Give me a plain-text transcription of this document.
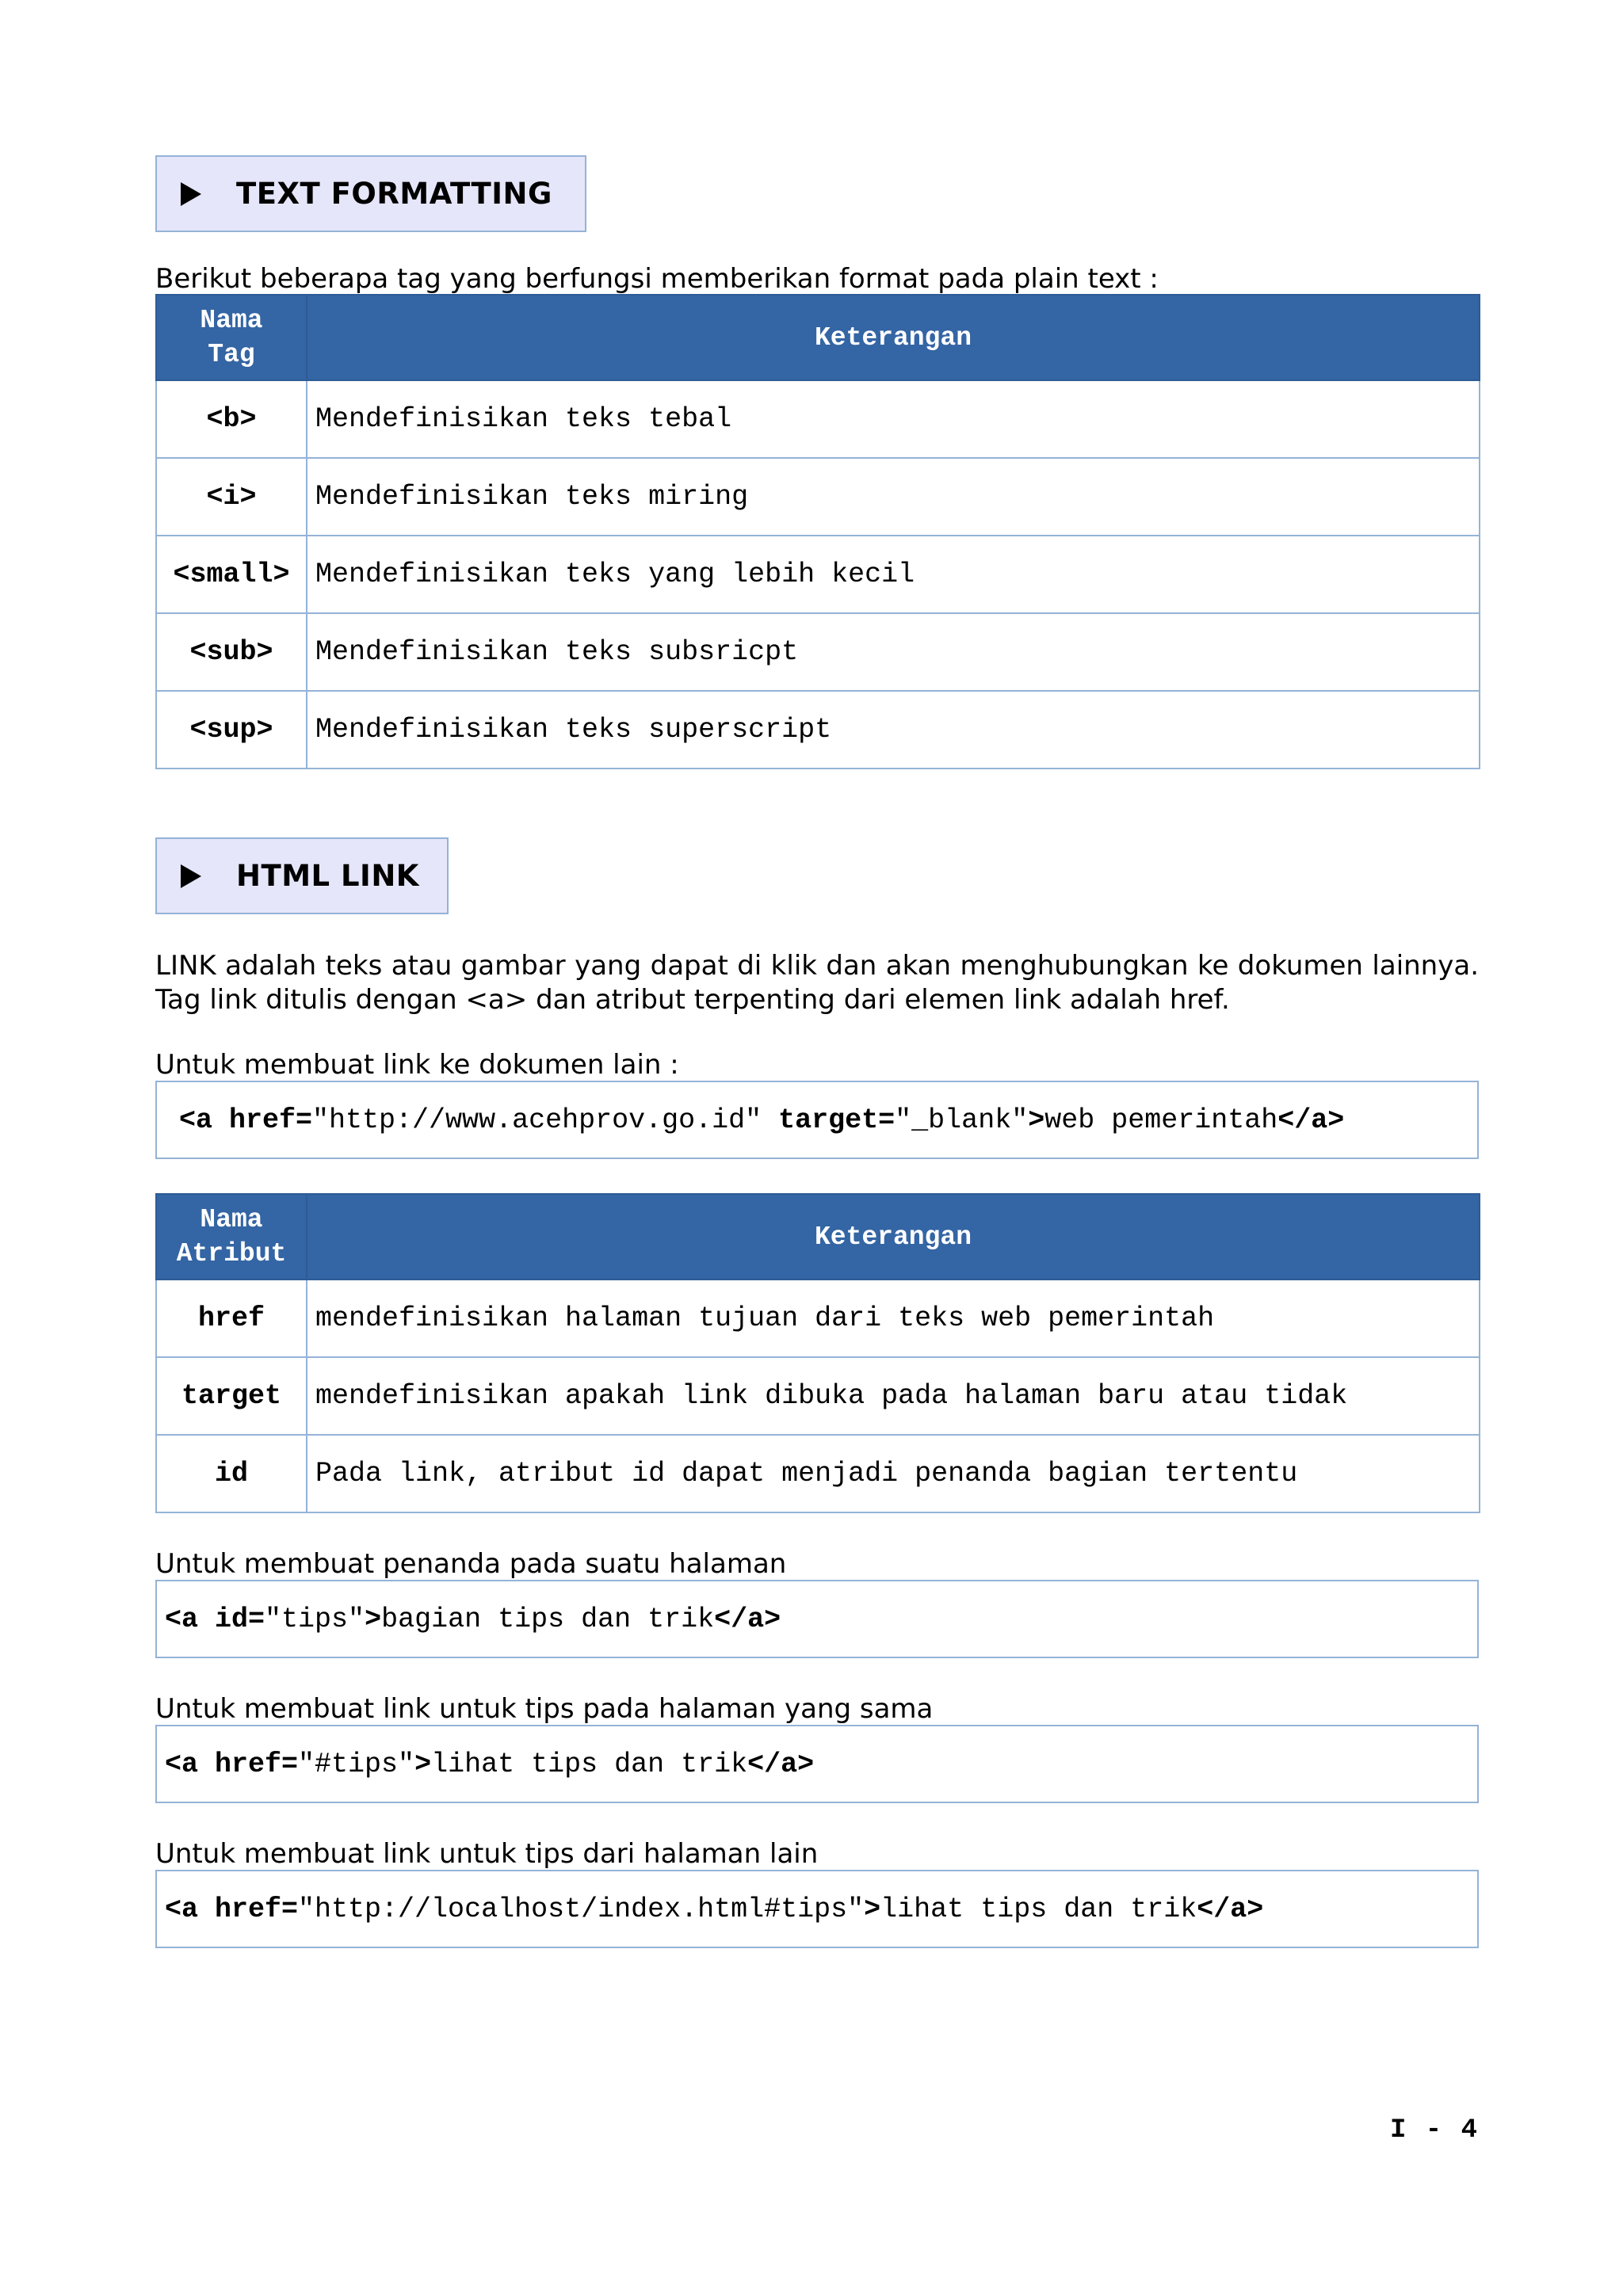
TEXT FORMATTING
Berikut beberapa tag yang berfungsi memberikan format pada plain text :
Nama
Tag	Keterangan
<b>	Mendefinisikan teks tebal
<i>	Mendefinisikan teks miring
<small>	Mendefinisikan teks yang lebih kecil
<sub>	Mendefinisikan teks subsricpt
<sup>	Mendefinisikan teks superscript
HTML LINK
LINK adalah teks atau gambar yang dapat di klik dan akan menghubungkan ke dokumen lainnya. Tag link ditulis dengan <a> dan atribut terpenting dari elemen link adalah href.
Untuk membuat link ke dokumen lain :
<a href= "http://www.acehprov.go.id" target= "_blank" > web pemerintah </a>
Nama
Atribut	Keterangan
href	mendefinisikan halaman tujuan dari teks web pemerintah
target	mendefinisikan apakah link dibuka pada halaman baru atau tidak
id	Pada link, atribut id dapat menjadi penanda bagian tertentu
Untuk membuat penanda pada suatu halaman
<a id= "tips" > bagian tips dan trik </a>
Untuk membuat link untuk tips pada halaman yang sama
<a href= "#tips" > lihat tips dan trik </a>
Untuk membuat link untuk tips dari halaman lain
<a href= "http://localhost/index.html#tips" > lihat tips dan trik </a>
I - 4
